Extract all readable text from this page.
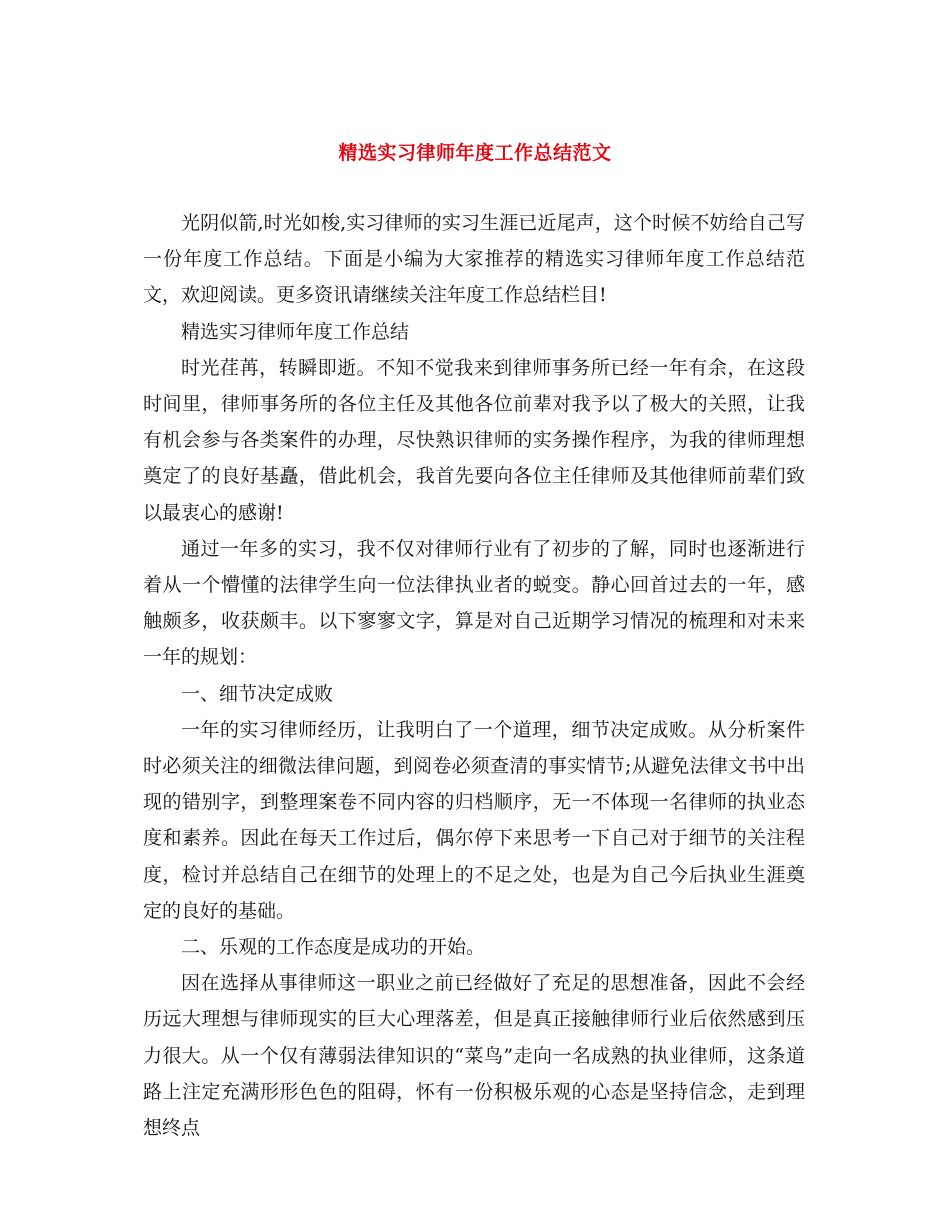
精选实习律师年度工作总结范文

光阴似箭,时光如梭,实习律师的实习生涯已近尾声，这个时候不妨给自己写一份年度工作总结。下面是小编为大家推荐的精选实习律师年度工作总结范文，欢迎阅读。更多资讯请继续关注年度工作总结栏目!

精选实习律师年度工作总结

时光荏苒，转瞬即逝。不知不觉我来到律师事务所已经一年有余，在这段时间里，律师事务所的各位主任及其他各位前辈对我予以了极大的关照，让我有机会参与各类案件的办理，尽快熟识律师的实务操作程序，为我的律师理想奠定了的良好基矗，借此机会，我首先要向各位主任律师及其他律师前辈们致以最衷心的感谢!

通过一年多的实习，我不仅对律师行业有了初步的了解，同时也逐渐进行着从一个懵懂的法律学生向一位法律执业者的蜕变。静心回首过去的一年，感触颇多，收获颇丰。以下寥寥文字，算是对自己近期学习情况的梳理和对未来一年的规划：

一、细节决定成败

一年的实习律师经历，让我明白了一个道理，细节决定成败。从分析案件时必须关注的细微法律问题，到阅卷必须查清的事实情节;从避免法律文书中出现的错别字，到整理案卷不同内容的归档顺序，无一不体现一名律师的执业态度和素养。因此在每天工作过后，偶尔停下来思考一下自己对于细节的关注程度，检讨并总结自己在细节的处理上的不足之处，也是为自己今后执业生涯奠定的良好的基础。

二、乐观的工作态度是成功的开始。

因在选择从事律师这一职业之前已经做好了充足的思想准备，因此不会经历远大理想与律师现实的巨大心理落差，但是真正接触律师行业后依然感到压力很大。从一个仅有薄弱法律知识的“菜鸟”走向一名成熟的执业律师，这条道路上注定充满形形色色的阻碍，怀有一份积极乐观的心态是坚持信念，走到理想终点
